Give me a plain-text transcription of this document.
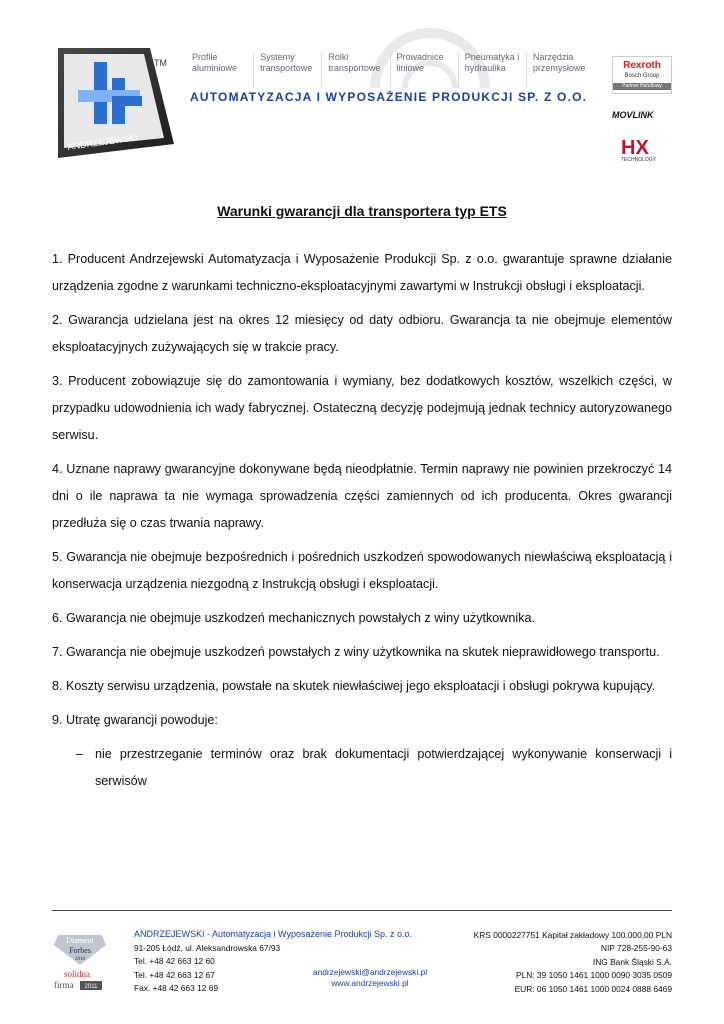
ANDRZEJEWSKI
TM
Profile
aluminiowe
Systemy
transportowe
Rolki
transportowe
Prowadnice
liniowe
Pneumatyka i
hydraulika
Narzędzia
przemysłowe
AUTOMATYZACJA I WYPOSAŻENIE PRODUKCJI SP. Z O.O.
Rexroth
Bosch Group
Partner Handlowy
MOVLINK
HX
TECHNOLOGY
Warunki gwarancji dla transportera typ ETS

1. Producent Andrzejewski Automatyzacja i Wyposażenie Produkcji Sp. z o.o. gwarantuje sprawne działanie urządzenia zgodne z warunkami techniczno-eksploatacyjnymi zawartymi w Instrukcji obsługi i eksploatacji.

2. Gwarancja udzielana jest na okres 12 miesięcy od daty odbioru. Gwarancja ta nie obejmuje elementów eksploatacyjnych zużywających się w trakcie pracy.

3. Producent zobowiązuje się do zamontowania i wymiany, bez dodatkowych kosztów, wszelkich części, w przypadku udowodnienia ich wady fabrycznej. Ostateczną decyzję podejmują jednak technicy autoryzowanego serwisu.

4. Uznane naprawy gwarancyjne dokonywane będą nieodpłatnie. Termin naprawy nie powinien przekroczyć 14 dni o ile naprawa ta nie wymaga sprowadzenia części zamiennych od ich producenta. Okres gwarancji przedłuża się o czas trwania naprawy.

5. Gwarancja nie obejmuje bezpośrednich i pośrednich uszkodzeń spowodowanych niewłaściwą eksploatacją i konserwacja urządzenia niezgodną z Instrukcją obsługi i eksploatacji.

6. Gwarancja nie obejmuje uszkodzeń mechanicznych powstałych z winy użytkownika.

7. Gwarancja nie obejmuje uszkodzeń powstałych z winy użytkownika na skutek nieprawidłowego transportu.

8. Koszty serwisu urządzenia, powstałe na skutek niewłaściwej jego eksploatacji i obsługi pokrywa kupujący.

9. Utratę gwarancji powoduje:

– nie przestrzeganie terminów oraz brak dokumentacji potwierdzającej wykonywanie konserwacji i serwisów
Diament
Forbes
2016
solidna
firma 2011
ANDRZEJEWSKI - Automatyzacja i Wyposażenie Produkcji Sp. z o.o.
91-205 Łódź, ul. Aleksandrowska 67/93
Tel. +48 42 663 12 60
Tel. +48 42 663 12 67
Fax. +48 42 663 12 69
andrzejewski@andrzejewski.pl
www.andrzejewski.pl
KRS 0000227751 Kapitał zakładowy 100.000,00 PLN
NIP 728-255-90-63
ING Bank Śląski S.A.
PLN: 39 1050 1461 1000 0090 3035 0509
EUR: 06 1050 1461 1000 0024 0888 6469
